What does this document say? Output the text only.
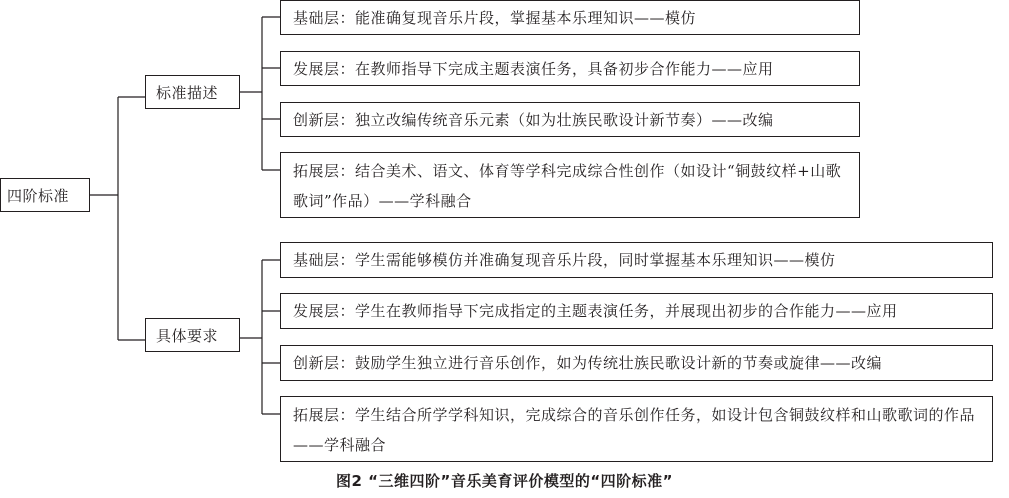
四阶标准
标准描述
具体要求
基础层：能准确复现音乐片段，掌握基本乐理知识——模仿
发展层：在教师指导下完成主题表演任务，具备初步合作能力——应用
创新层：独立改编传统音乐元素（如为壮族民歌设计新节奏）——改编
拓展层：结合美术、语文、体育等学科完成综合性创作（如设计“铜鼓纹样+山歌歌词”作品）——学科融合
基础层：学生需能够模仿并准确复现音乐片段，同时掌握基本乐理知识——模仿
发展层：学生在教师指导下完成指定的主题表演任务，并展现出初步的合作能力——应用
创新层：鼓励学生独立进行音乐创作，如为传统壮族民歌设计新的节奏或旋律——改编
拓展层：学生结合所学学科知识，完成综合的音乐创作任务，如设计包含铜鼓纹样和山歌歌词的作品——学科融合
图2 “三维四阶”音乐美育评价模型的“四阶标准”
